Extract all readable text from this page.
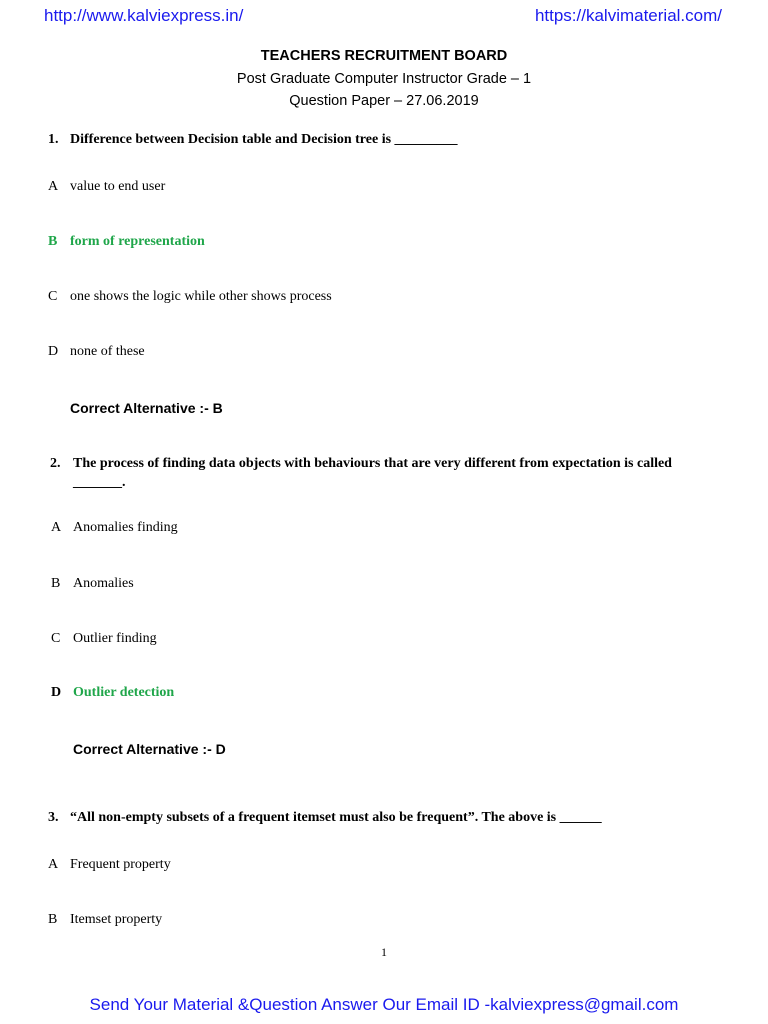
http://www.kalviexpress.in/	https://kalvimaterial.com/
TEACHERS RECRUITMENT BOARD
Post Graduate Computer Instructor Grade – 1
Question Paper – 27.06.2019
1. Difference between Decision table and Decision tree is _________
A value to end user
B form of representation
C one shows the logic while other shows process
D none of these
Correct Alternative :- B
2. The process of finding data objects with behaviours that are very different from expectation is called
_______.
A Anomalies finding
B Anomalies
C Outlier finding
D Outlier detection
Correct Alternative :- D
3. “All non-empty subsets of a frequent itemset must also be frequent”. The above is ______
A Frequent property
B Itemset property
1
Send Your Material &Question Answer Our Email ID -kalviexpress@gmail.com
